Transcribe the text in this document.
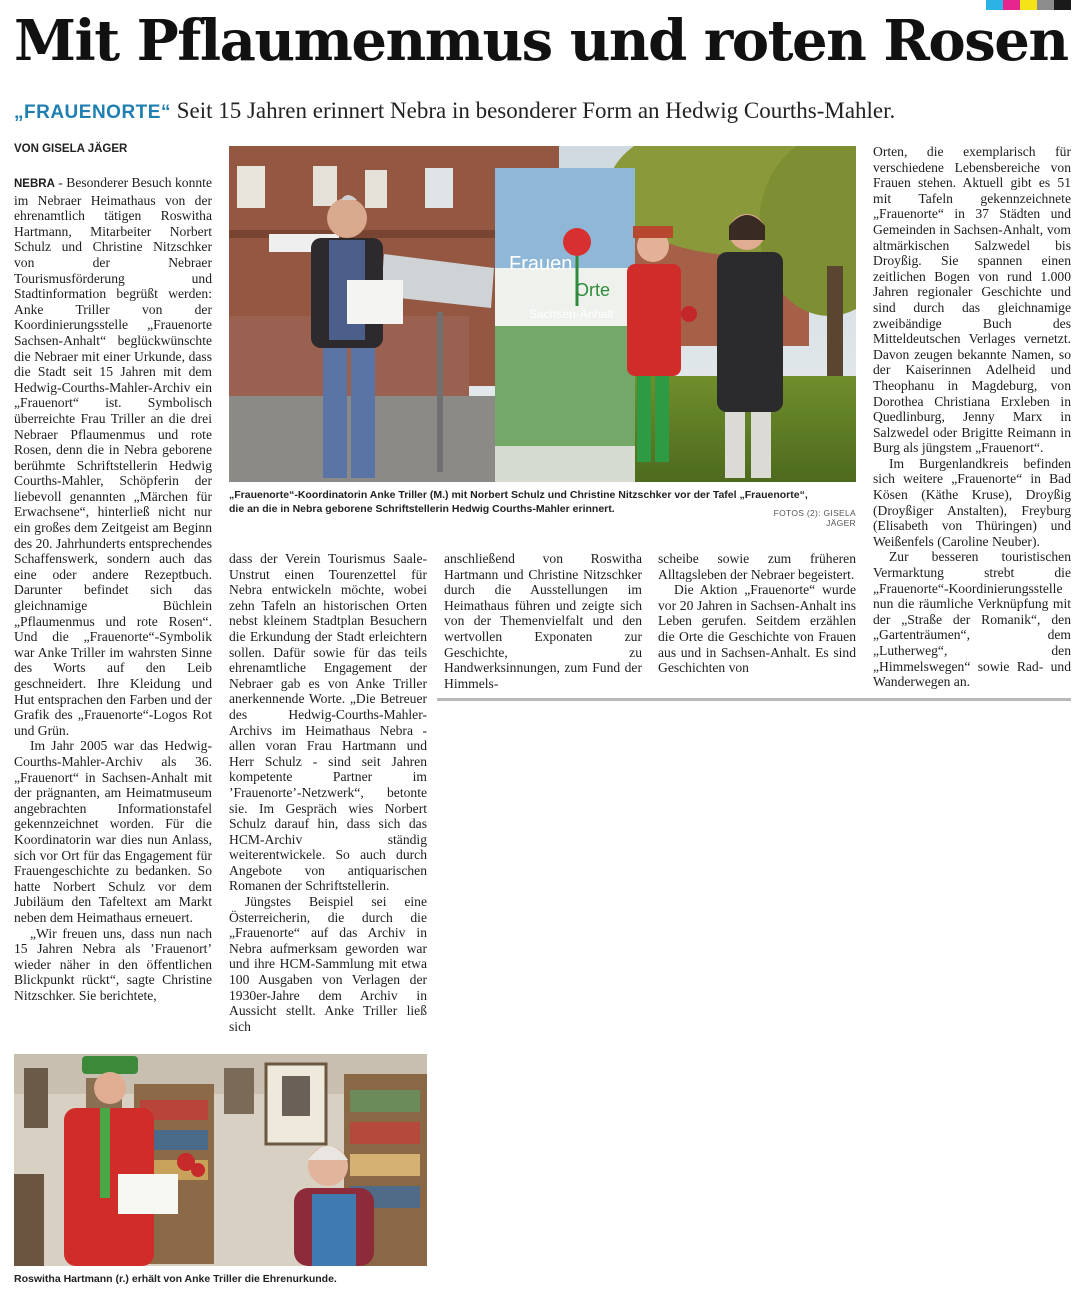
Mit Pflaumenmus und roten Rosen
„FRAUENORTE“ Seit 15 Jahren erinnert Nebra in besonderer Form an Hedwig Courths-Mahler.
VON GISELA JÄGER

NEBRA - Besonderer Besuch konnte im Nebraer Heimathaus von der ehrenamtlich tätigen Roswitha Hartmann, Mitarbeiter Norbert Schulz und Christine Nitzschker von der Nebraer Tourismusförderung und Stadtinformation begrüßt werden: Anke Triller von der Koordinierungsstelle „Frauenorte Sachsen-Anhalt“ beglückwünschte die Nebraer mit einer Urkunde, dass die Stadt seit 15 Jahren mit dem Hedwig-Courths-Mahler-Archiv ein „Frauenort“ ist. Symbolisch überreichte Frau Triller an die drei Nebraer Pflaumenmus und rote Rosen, denn die in Nebra geborene berühmte Schriftstellerin Hedwig Courths-Mahler, Schöpferin der liebevoll genannten „Märchen für Erwachsene“, hinterließ nicht nur ein großes dem Zeitgeist am Beginn des 20. Jahrhunderts entsprechendes Schaffenswerk, sondern auch das eine oder andere Rezeptbuch. Darunter befindet sich das gleichnamige Büchlein „Pflaumenmus und rote Rosen“. Und die „Frauenorte“-Symbolik war Anke Triller im wahrsten Sinne des Worts auf den Leib geschneidert. Ihre Kleidung und Hut entsprachen den Farben und der Grafik des „Frauenorte“-Logos Rot und Grün.

Im Jahr 2005 war das Hedwig-Courths-Mahler-Archiv als 36. „Frauenort“ in Sachsen-Anhalt mit der prägnanten, am Heimatmuseum angebrachten Informationstafel gekennzeichnet worden. Für die Koordinatorin war dies nun Anlass, sich vor Ort für das Engagement für Frauengeschichte zu bedanken. So hatte Norbert Schulz vor dem Jubiläum den Tafeltext am Markt neben dem Heimathaus erneuert.

„Wir freuen uns, dass nun nach 15 Jahren Nebra als ’Frauenort’ wieder näher in den öffentlichen Blickpunkt rückt“, sagte Christine Nitzschker. Sie berichtete,

Frauen
Orte
Sachsen-Anhalt
„Frauenorte“-Koordinatorin Anke Triller (M.) mit Norbert Schulz und Christine Nitzschker vor der Tafel „Frauenorte“,
die an die in Nebra geborene Schriftstellerin Hedwig Courths-Mahler erinnert.	FOTOS (2): GISELA JÄGER

dass der Verein Tourismus Saale-Unstrut einen Tourenzettel für Nebra entwickeln möchte, wobei zehn Tafeln an historischen Orten nebst kleinem Stadtplan Besuchern die Erkundung der Stadt erleichtern sollen. Dafür sowie für das teils ehrenamtliche Engagement der Nebraer gab es von Anke Triller anerkennende Worte. „Die Betreuer des Hedwig-Courths-Mahler-Archivs im Heimathaus Nebra - allen voran Frau Hartmann und Herr Schulz - sind seit Jahren kompetente Partner im ’Frauenorte’-Netzwerk“, betonte sie. Im Gespräch wies Norbert Schulz darauf hin, dass sich das HCM-Archiv ständig weiterentwickele. So auch durch Angebote von antiquarischen Romanen der Schriftstellerin.

Jüngstes Beispiel sei eine Österreicherin, die durch die „Frauenorte“ auf das Archiv in Nebra aufmerksam geworden war und ihre HCM-Sammlung mit etwa 100 Ausgaben von Verlagen der 1930er-Jahre dem Archiv in Aussicht stellt. Anke Triller ließ sich

anschließend von Roswitha Hartmann und Christine Nitzschker durch die Ausstellungen im Heimathaus führen und zeigte sich von der Themenvielfalt und den wertvollen Exponaten zur Geschichte, zu Handwerksinnungen, zum Fund der Himmels-

scheibe sowie zum früheren Alltagsleben der Nebraer begeistert.

Die Aktion „Frauenorte“ wurde vor 20 Jahren in Sachsen-Anhalt ins Leben gerufen. Seitdem erzählen die Orte die Geschichte von Frauen aus und in Sachsen-Anhalt. Es sind Geschichten von

Orten, die exemplarisch für verschiedene Lebensbereiche von Frauen stehen. Aktuell gibt es 51 mit Tafeln gekennzeichnete „Frauenorte“ in 37 Städten und Gemeinden in Sachsen-Anhalt, vom altmärkischen Salzwedel bis Droyßig. Sie spannen einen zeitlichen Bogen von rund 1.000 Jahren regionaler Geschichte und sind durch das gleichnamige zweibändige Buch des Mitteldeutschen Verlages vernetzt. Davon zeugen bekannte Namen, so der Kaiserinnen Adelheid und Theophanu in Magdeburg, von Dorothea Christiana Erxleben in Quedlinburg, Jenny Marx in Salzwedel oder Brigitte Reimann in Burg als jüngstem „Frauenort“.

Im Burgenlandkreis befinden sich weitere „Frauenorte“ in Bad Kösen (Käthe Kruse), Droyßig (Droyßiger Anstalten), Freyburg (Elisabeth von Thüringen) und Weißenfels (Caroline Neuber).

Zur besseren touristischen Vermarktung strebt die „Frauenorte“-Koordinierungsstelle nun die räumliche Verknüpfung mit der „Straße der Romanik“, den „Gartenträumen“, dem „Lutherweg“, den „Himmelswegen“ sowie Rad- und Wanderwegen an.

Roswitha Hartmann (r.) erhält von Anke Triller die Ehrenurkunde.
